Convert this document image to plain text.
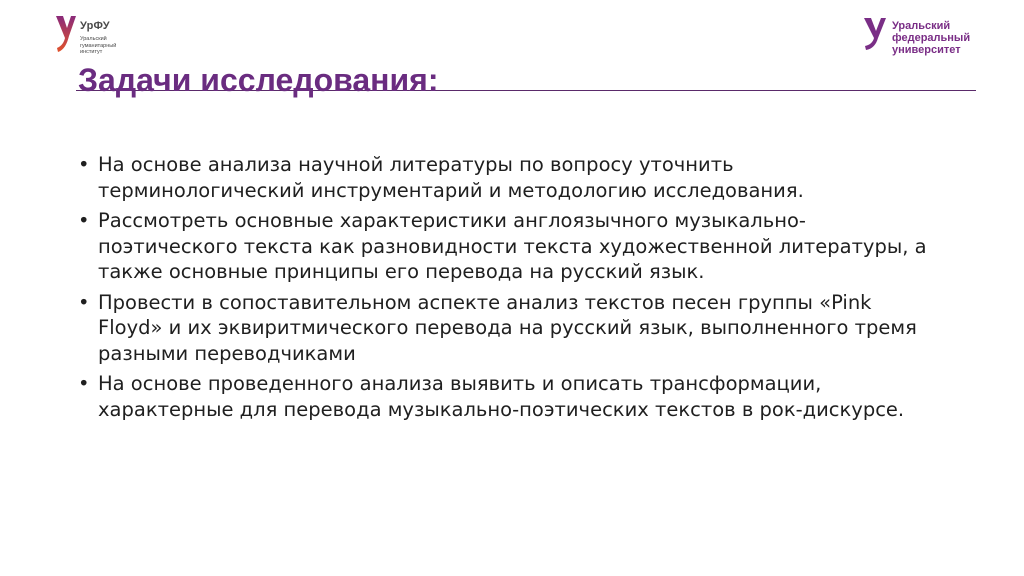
УрФУ
Уральский
гуманитарный
институт
Уральский
федеральный
университет
Задачи исследования:
• На основе анализа научной литературы по вопросу уточнить терминологический инструментарий и методологию исследования.
• Рассмотреть основные характеристики англоязычного музыкально-поэтического текста как разновидности текста художественной литературы, а также основные принципы его перевода на русский язык.
• Провести в сопоставительном аспекте анализ текстов песен группы «Pink Floyd» и их эквиритмического перевода на русский язык, выполненного тремя разными переводчиками
• На основе проведенного анализа выявить и описать трансформации, характерные для перевода музыкально-поэтических текстов в рок-дискурсе.
